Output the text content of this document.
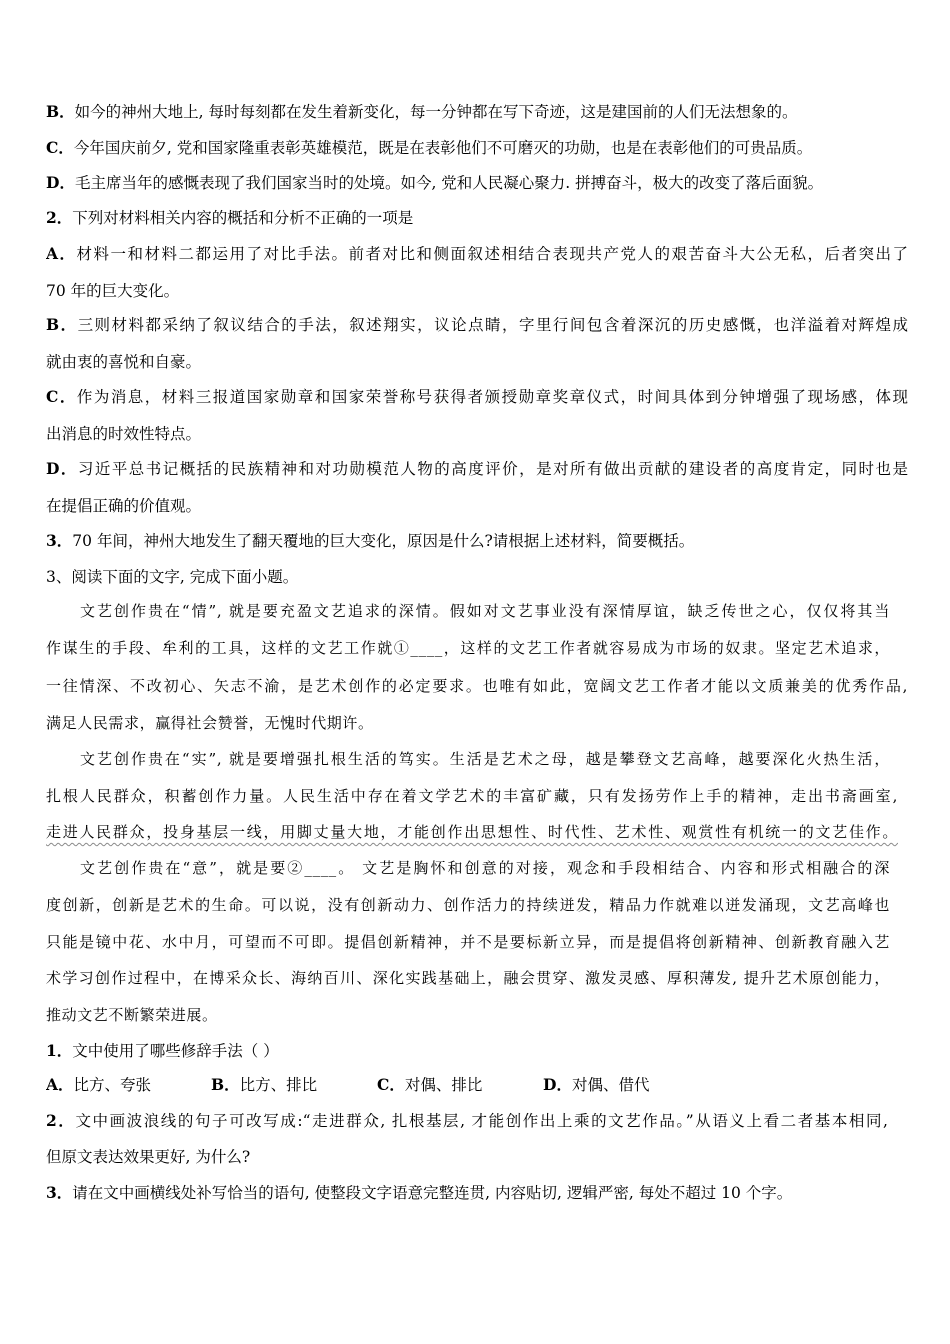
B．如今的神州大地上, 每时每刻都在发生着新变化，每一分钟都在写下奇迹，这是建国前的人们无法想象的。
C．今年国庆前夕, 党和国家隆重表彰英雄模范，既是在表彰他们不可磨灭的功勋，也是在表彰他们的可贵品质。
D．毛主席当年的感慨表现了我们国家当时的处境。如今, 党和人民凝心聚力. 拼搏奋斗，极大的改变了落后面貌。
2．下列对材料相关内容的概括和分析不正确的一项是
A．材料一和材料二都运用了对比手法。前者对比和侧面叙述相结合表现共产党人的艰苦奋斗大公无私，后者突出了
70 年的巨大变化。
B．三则材料都采纳了叙议结合的手法，叙述翔实，议论点睛，字里行间包含着深沉的历史感慨，也洋溢着对辉煌成
就由衷的喜悦和自豪。
C．作为消息，材料三报道国家勋章和国家荣誉称号获得者颁授勋章奖章仪式，时间具体到分钟增强了现场感，体现
出消息的时效性特点。
D．习近平总书记概括的民族精神和对功勋模范人物的高度评价，是对所有做出贡献的建设者的高度肯定，同时也是
在提倡正确的价值观。
3．70 年间，神州大地发生了翻天覆地的巨大变化，原因是什么?请根据上述材料，简要概括。
3、阅读下面的文字, 完成下面小题。
文艺创作贵在“情”, 就是要充盈文艺追求的深情。假如对文艺事业没有深情厚谊，缺乏传世之心，仅仅将其当
作谋生的手段、牟利的工具，这样的文艺工作就①____，这样的文艺工作者就容易成为市场的奴隶。坚定艺术追求，
一往情深、不改初心、矢志不渝，是艺术创作的必定要求。也唯有如此，宽阔文艺工作者才能以文质兼美的优秀作品,
满足人民需求，赢得社会赞誉，无愧时代期许。
文艺创作贵在“实”, 就是要增强扎根生活的笃实。生活是艺术之母，越是攀登文艺高峰，越要深化火热生活，
扎根人民群众，积蓄创作力量。人民生活中存在着文学艺术的丰富矿藏，只有发扬劳作上手的精神，走出书斋画室,
走进人民群众，投身基层一线，用脚丈量大地，才能创作出思想性、时代性、艺术性、观赏性有机统一的文艺佳作。
文艺创作贵在“意”，就是要②____。 文艺是胸怀和创意的对接，观念和手段相结合、内容和形式相融合的深
度创新，创新是艺术的生命。可以说，没有创新动力、创作活力的持续迸发，精品力作就难以迸发涌现，文艺高峰也
只能是镜中花、水中月，可望而不可即。提倡创新精神，并不是要标新立异，而是提倡将创新精神、创新教育融入艺
术学习创作过程中，在博采众长、海纳百川、深化实践基础上，融会贯穿、激发灵感、厚积薄发, 提升艺术原创能力，
推动文艺不断繁荣进展。
1．文中使用了哪些修辞手法（ ）
A．比方、夸张	B．比方、排比	C．对偶、排比	D．对偶、借代
2．文中画波浪线的句子可改写成:“走进群众, 扎根基层, 才能创作出上乘的文艺作品。”从语义上看二者基本相同,
但原文表达效果更好, 为什么?
3．请在文中画横线处补写恰当的语句, 使整段文字语意完整连贯, 内容贴切, 逻辑严密, 每处不超过 10 个字。
